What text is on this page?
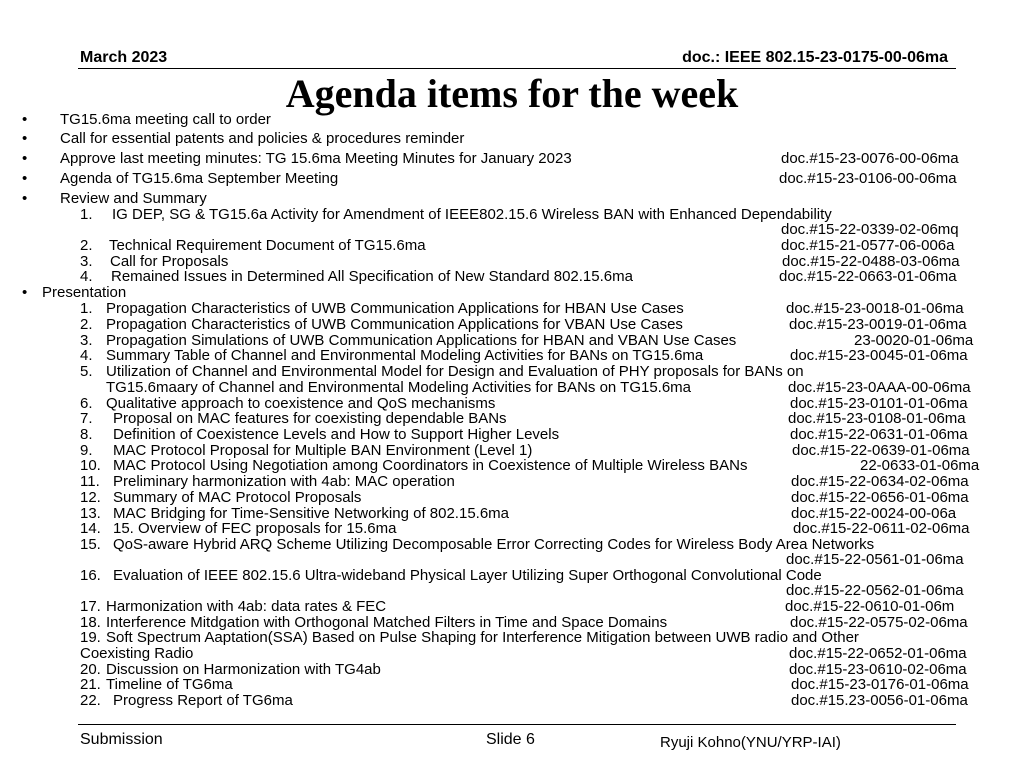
March 2023	doc.: IEEE 802.15-23-0175-00-06ma
Agenda items for the week
• TG15.6ma meeting call to order
• Call for essential patents and policies & procedures reminder
• Approve last meeting minutes: TG 15.6ma Meeting Minutes for January 2023	doc.#15-23-0076-00-06ma
• Agenda of TG15.6ma September Meeting	doc.#15-23-0106-00-06ma
• Review and Summary
1. IG DEP, SG & TG15.6a Activity for Amendment of IEEE802.15.6 Wireless BAN with Enhanced Dependability
doc.#15-22-0339-02-06mq
2. Technical Requirement Document of TG15.6ma	doc.#15-21-0577-06-006a
3. Call for Proposals	doc.#15-22-0488-03-06ma
4. Remained Issues in Determined All Specification of New Standard 802.15.6ma	doc.#15-22-0663-01-06ma
• Presentation
1. Propagation Characteristics of UWB Communication Applications for HBAN Use Cases	doc.#15-23-0018-01-06ma
2. Propagation Characteristics of UWB Communication Applications for VBAN Use Cases	doc.#15-23-0019-01-06ma
3. Propagation Simulations of UWB Communication Applications for HBAN and VBAN Use Cases	23-0020-01-06ma
4. Summary Table of Channel and Environmental Modeling Activities for BANs on TG15.6ma	doc.#15-23-0045-01-06ma
5. Utilization of Channel and Environmental Model for Design and Evaluation of PHY proposals for BANs on
TG15.6maary of Channel and Environmental Modeling Activities for BANs on TG15.6ma	doc.#15-23-0AAA-00-06ma
6. Qualitative approach to coexistence and QoS mechanisms	doc.#15-23-0101-01-06ma
7. Proposal on MAC features for coexisting dependable BANs	doc.#15-23-0108-01-06ma
8. Definition of Coexistence Levels and How to Support Higher Levels	doc.#15-22-0631-01-06ma
9. MAC Protocol Proposal for Multiple BAN Environment (Level 1)	doc.#15-22-0639-01-06ma
10. MAC Protocol Using Negotiation among Coordinators in Coexistence of Multiple Wireless BANs	22-0633-01-06ma
11. Preliminary harmonization with 4ab: MAC operation	doc.#15-22-0634-02-06ma
12. Summary of MAC Protocol Proposals	doc.#15-22-0656-01-06ma
13. MAC Bridging for Time-Sensitive Networking of 802.15.6ma	doc.#15-22-0024-00-06a
14. 15. Overview of FEC proposals for 15.6ma	doc.#15-22-0611-02-06ma
15. QoS-aware Hybrid ARQ Scheme Utilizing Decomposable Error Correcting Codes for Wireless Body Area Networks
doc.#15-22-0561-01-06ma
16. Evaluation of IEEE 802.15.6 Ultra-wideband Physical Layer Utilizing Super Orthogonal Convolutional Code
doc.#15-22-0562-01-06ma
17. Harmonization with 4ab: data rates & FEC	doc.#15-22-0610-01-06m
18. Interference Mitdgation with Orthogonal Matched Filters in Time and Space Domains	doc.#15-22-0575-02-06ma
19. Soft Spectrum Aaptation(SSA) Based on Pulse Shaping for Interference Mitigation between UWB radio and Other
Coexisting Radio	doc.#15-22-0652-01-06ma
20. Discussion on Harmonization with TG4ab	doc.#15-23-0610-02-06ma
21. Timeline of TG6ma	doc.#15-23-0176-01-06ma
22. Progress Report of TG6ma	doc.#15.23-0056-01-06ma
Submission	Slide 6	Ryuji Kohno(YNU/YRP-IAI)
